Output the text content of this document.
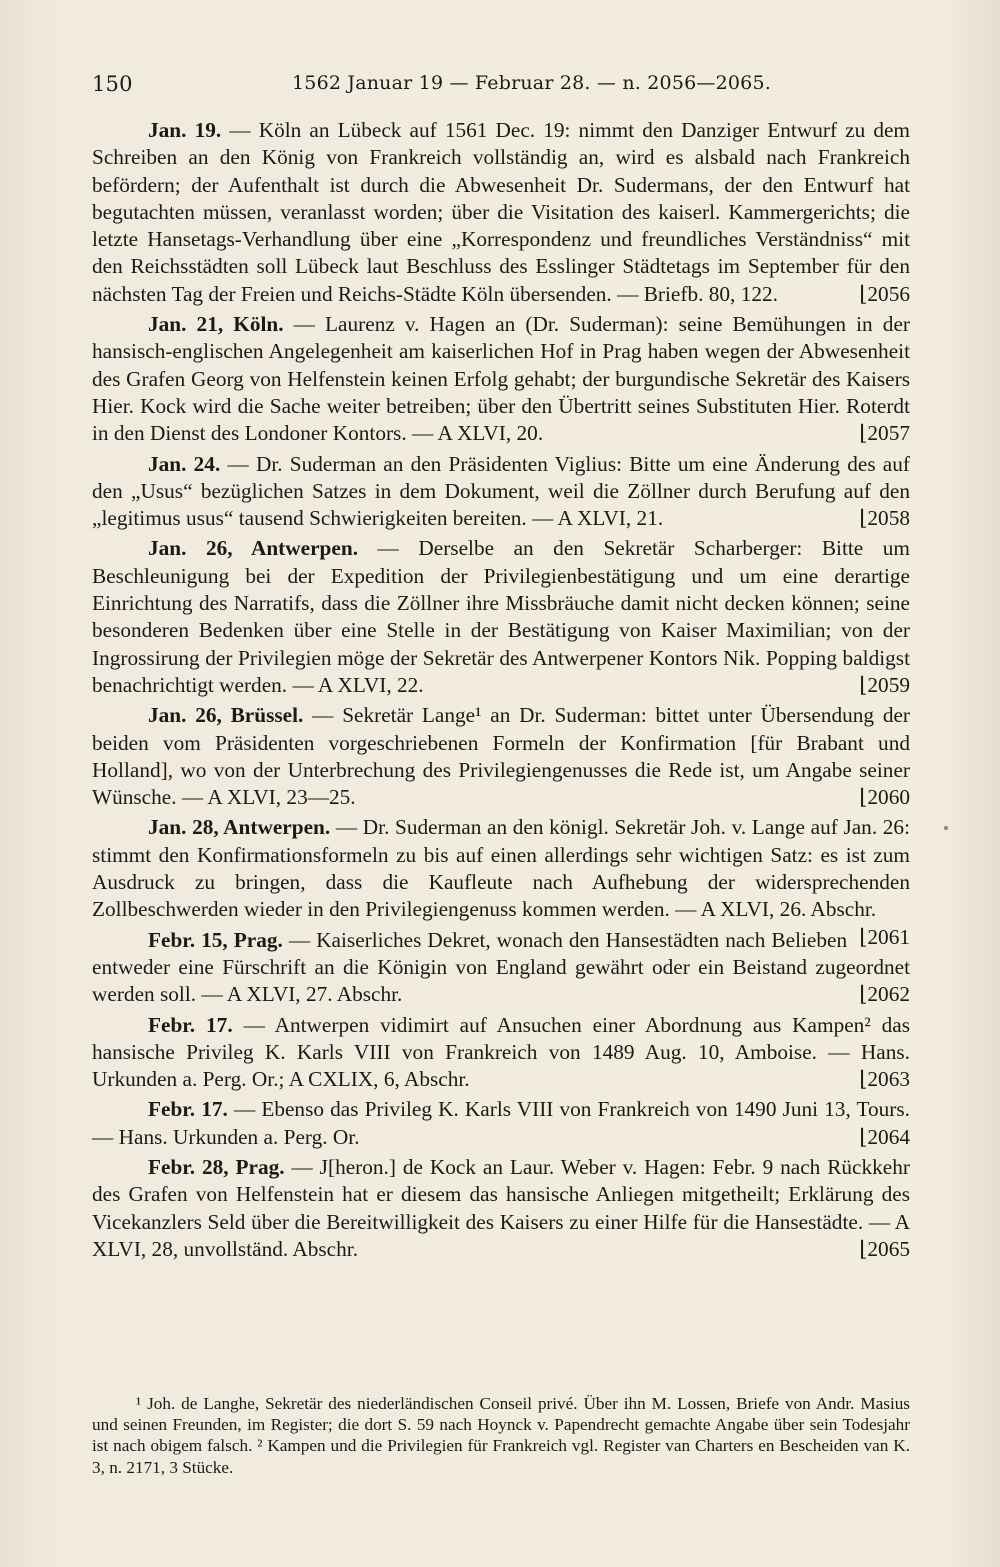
150	1562 Januar 19 — Februar 28. — n. 2056—2065.

Jan. 19. — Köln an Lübeck auf 1561 Dec. 19: nimmt den Danziger Entwurf zu dem Schreiben an den König von Frankreich vollständig an, wird es alsbald nach Frankreich befördern; der Aufenthalt ist durch die Abwesenheit Dr. Sudermans, der den Entwurf hat begutachten müssen, veranlasst worden; über die Visitation des kaiserl. Kammergerichts; die letzte Hansetags-Verhandlung über eine „Korrespondenz und freundliches Verständniss“ mit den Reichsstädten soll Lübeck laut Beschluss des Esslinger Städtetags im September für den nächsten Tag der Freien und Reichs-Städte Köln übersenden. — Briefb. 80, 122.	⌊ 2056

Jan. 21, Köln. — Laurenz v. Hagen an (Dr. Suderman): seine Bemühungen in der hansisch-englischen Angelegenheit am kaiserlichen Hof in Prag haben wegen der Abwesenheit des Grafen Georg von Helfenstein keinen Erfolg gehabt; der burgundische Sekretär des Kaisers Hier. Kock wird die Sache weiter betreiben; über den Übertritt seines Substituten Hier. Roterdt in den Dienst des Londoner Kontors. — A XLVI, 20.	⌊ 2057

Jan. 24. — Dr. Suderman an den Präsidenten Viglius: Bitte um eine Änderung des auf den „Usus“ bezüglichen Satzes in dem Dokument, weil die Zöllner durch Berufung auf den „legitimus usus“ tausend Schwierigkeiten bereiten. — A XLVI, 21.	⌊ 2058

Jan. 26, Antwerpen. — Derselbe an den Sekretär Scharberger: Bitte um Beschleunigung bei der Expedition der Privilegienbestätigung und um eine derartige Einrichtung des Narratifs, dass die Zöllner ihre Missbräuche damit nicht decken können; seine besonderen Bedenken über eine Stelle in der Bestätigung von Kaiser Maximilian; von der Ingrossirung der Privilegien möge der Sekretär des Antwerpener Kontors Nik. Popping baldigst benachrichtigt werden. — A XLVI, 22.	⌊ 2059

Jan. 26, Brüssel. — Sekretär Lange¹ an Dr. Suderman: bittet unter Übersendung der beiden vom Präsidenten vorgeschriebenen Formeln der Konfirmation [für Brabant und Holland], wo von der Unterbrechung des Privilegiengenusses die Rede ist, um Angabe seiner Wünsche. — A XLVI, 23—25.	⌊ 2060

Jan. 28, Antwerpen. — Dr. Suderman an den königl. Sekretär Joh. v. Lange auf Jan. 26: stimmt den Konfirmationsformeln zu bis auf einen allerdings sehr wichtigen Satz: es ist zum Ausdruck zu bringen, dass die Kaufleute nach Aufhebung der widersprechenden Zollbeschwerden wieder in den Privilegiengenuss kommen werden. — A XLVI, 26. Abschr.
⌊ 2061

Febr. 15, Prag. — Kaiserliches Dekret, wonach den Hansestädten nach Belieben entweder eine Fürschrift an die Königin von England gewährt oder ein Beistand zugeordnet werden soll. — A XLVI, 27. Abschr.	⌊ 2062

Febr. 17. — Antwerpen vidimirt auf Ansuchen einer Abordnung aus Kampen² das hansische Privileg K. Karls VIII von Frankreich von 1489 Aug. 10, Amboise. — Hans. Urkunden a. Perg. Or.; A CXLIX, 6, Abschr.	⌊ 2063

Febr. 17. — Ebenso das Privileg K. Karls VIII von Frankreich von 1490 Juni 13, Tours. — Hans. Urkunden a. Perg. Or.	⌊ 2064

Febr. 28, Prag. — J[heron.] de Kock an Laur. Weber v. Hagen: Febr. 9 nach Rückkehr des Grafen von Helfenstein hat er diesem das hansische Anliegen mitgetheilt; Erklärung des Vicekanzlers Seld über die Bereitwilligkeit des Kaisers zu einer Hilfe für die Hansestädte. — A XLVI, 28, unvollständ. Abschr.	⌊ 2065

¹ Joh. de Langhe, Sekretär des niederländischen Conseil privé. Über ihn M. Lossen, Briefe von Andr. Masius und seinen Freunden, im Register; die dort S. 59 nach Hoynck v. Papendrecht gemachte Angabe über sein Todesjahr ist nach obigem falsch. ² Kampen und die Privilegien für Frankreich vgl. Register van Charters en Bescheiden van K. 3, n. 2171, 3 Stücke.
